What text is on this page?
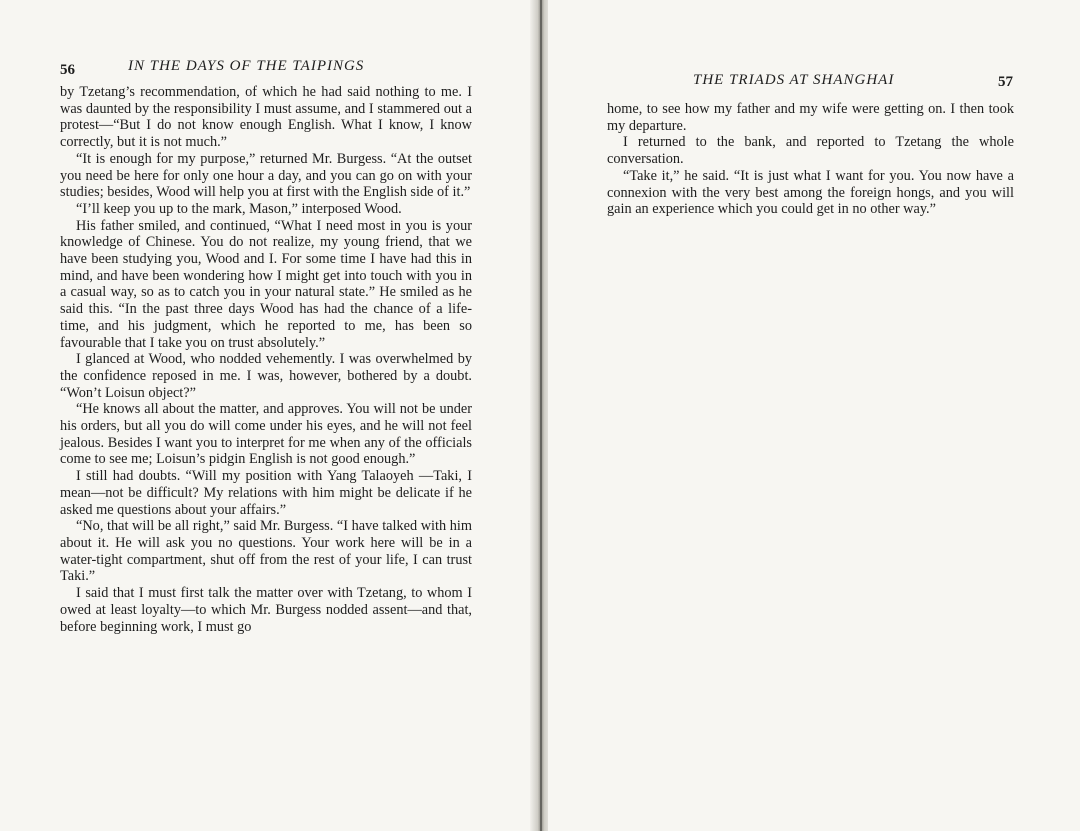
56	IN THE DAYS OF THE TAIPINGS

by Tzetang’s recommendation, of which he had said nothing to me. I was daunted by the responsibility I must assume, and I stammered out a protest—“But I do not know enough English. What I know, I know correctly, but it is not much.”

“It is enough for my purpose,” returned Mr. Burgess. “At the outset you need be here for only one hour a day, and you can go on with your studies; besides, Wood will help you at first with the English side of it.”

“I’ll keep you up to the mark, Mason,” interposed Wood.

His father smiled, and continued, “What I need most in you is your knowledge of Chinese. You do not realize, my young friend, that we have been studying you, Wood and I. For some time I have had this in mind, and have been wondering how I might get into touch with you in a casual way, so as to catch you in your natural state.” He smiled as he said this. “In the past three days Wood has had the chance of a life-time, and his judgment, which he reported to me, has been so favourable that I take you on trust absolutely.”

I glanced at Wood, who nodded vehemently. I was overwhelmed by the confidence reposed in me. I was, however, bothered by a doubt. “Won’t Loisun object?”

“He knows all about the matter, and approves. You will not be under his orders, but all you do will come under his eyes, and he will not feel jealous. Besides I want you to interpret for me when any of the officials come to see me; Loisun’s pidgin English is not good enough.”

I still had doubts. “Will my position with Yang Talaoyeh —Taki, I mean—not be difficult? My relations with him might be delicate if he asked me questions about your affairs.”

“No, that will be all right,” said Mr. Burgess. “I have talked with him about it. He will ask you no questions. Your work here will be in a water-tight compartment, shut off from the rest of your life, I can trust Taki.”

I said that I must first talk the matter over with Tzetang, to whom I owed at least loyalty—to which Mr. Burgess nodded assent—and that, before beginning work, I must go

THE TRIADS AT SHANGHAI	57

home, to see how my father and my wife were getting on. I then took my departure.

I returned to the bank, and reported to Tzetang the whole conversation.

“Take it,” he said. “It is just what I want for you. You now have a connexion with the very best among the foreign hongs, and you will gain an experience which you could get in no other way.”
